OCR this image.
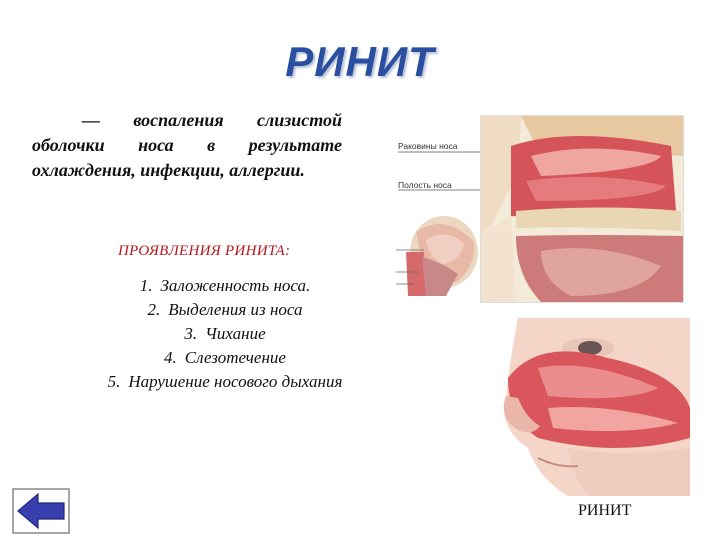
РИНИТ
— воспаления слизистой оболочки носа в результате охлаждения, инфекции, аллергии.
ПРОЯВЛЕНИЯ РИНИТА:
1. Заложенность носа.
2. Выделения из носа
3. Чихание
4. Слезотечение
5. Нарушение носового дыхания
Раковины носа
Полость носа
РИНИТ
